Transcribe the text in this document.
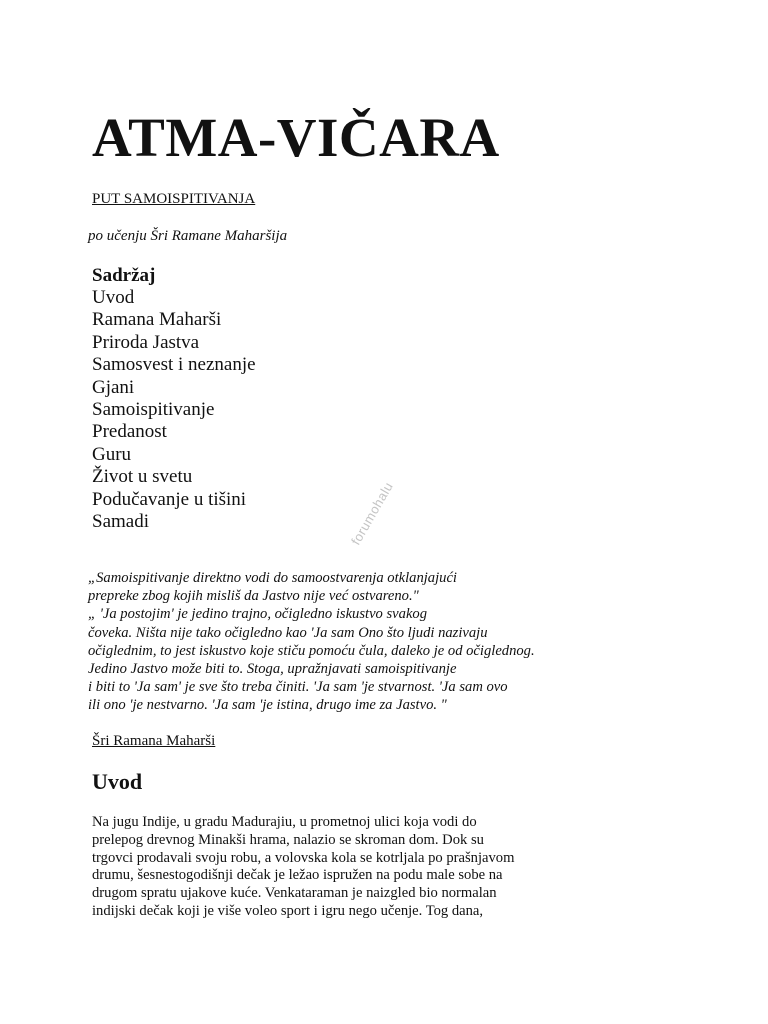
ATMA-VIČARA
PUT SAMOISPITIVANJA
po učenju Šri Ramane Maharšija
Sadržaj
Uvod
Ramana Maharši
Priroda Jastva
Samosvest i neznanje
Gjani
Samoispitivanje
Predanost
Guru
Život u svetu
Podučavanje u tišini
Samadi
„Samoispitivanje direktno vodi do samoostvarenja otklanjajući
prepreke zbog kojih misliš da Jastvo nije već ostvareno."
„ 'Ja postojim' je jedino trajno, očigledno iskustvo svakog
čoveka. Ništa nije tako očigledno kao 'Ja sam Ono što ljudi nazivaju
očiglednim, to jest iskustvo koje stiču pomoću čula, daleko je od očiglednog.
Jedino Jastvo može biti to. Stoga, upražnjavati samoispitivanje
i biti to 'Ja sam' je sve što treba činiti. 'Ja sam 'je stvarnost. 'Ja sam ovo
ili ono 'je nestvarno. 'Ja sam 'je istina, drugo ime za Jastvo. "
Šri Ramana Maharši
Uvod
Na jugu Indije, u gradu Madurajiu, u prometnoj ulici koja vodi do
prelepog drevnog Minakši hrama, nalazio se skroman dom. Dok su
trgovci prodavali svoju robu, a volovska kola se kotrljala po prašnjavom
drumu, šesnestogodišnji dečak je ležao ispružen na podu male sobe na
drugom spratu ujakove kuće. Venkataraman je naizgled bio normalan
indijski dečak koji je više voleo sport i igru nego učenje. Tog dana,
forumohalu
